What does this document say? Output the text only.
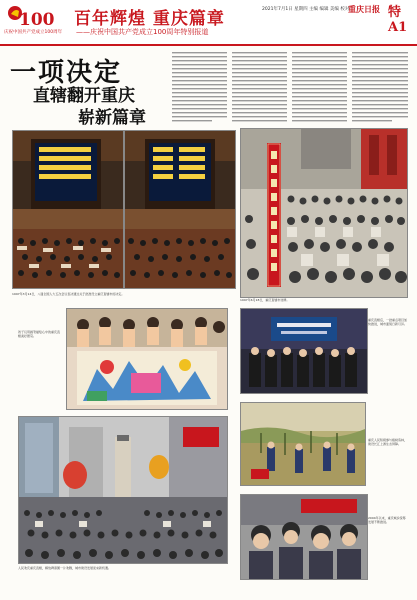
100
庆祝中国共产党成立100周年
百年辉煌 重庆篇章
——庆祝中国共产党成立100周年特别报道
2021年7月1日 星期四 主编 编辑 美编 校对
重庆日报 特A1
一项决定
直辖翻开重庆
崭新篇章
1997年3月14日，八届全国人大五次会议表决通过关于批准设立重庆直辖市的决定。
1997年6月18日，重庆直辖市挂牌。
孩子们用画笔描绘心中的重庆直辖美好愿景。
重庆直辖后，一批重点项目加快推进，城市面貌日新月异。
重庆人民积极参与植树造林，建设长江上游生态屏障。
人民欢庆重庆直辖，解放碑商圈一片欢腾，城市建设发展迎来新机遇。
2004年以来，重庆城乡统筹发展不断推进。
